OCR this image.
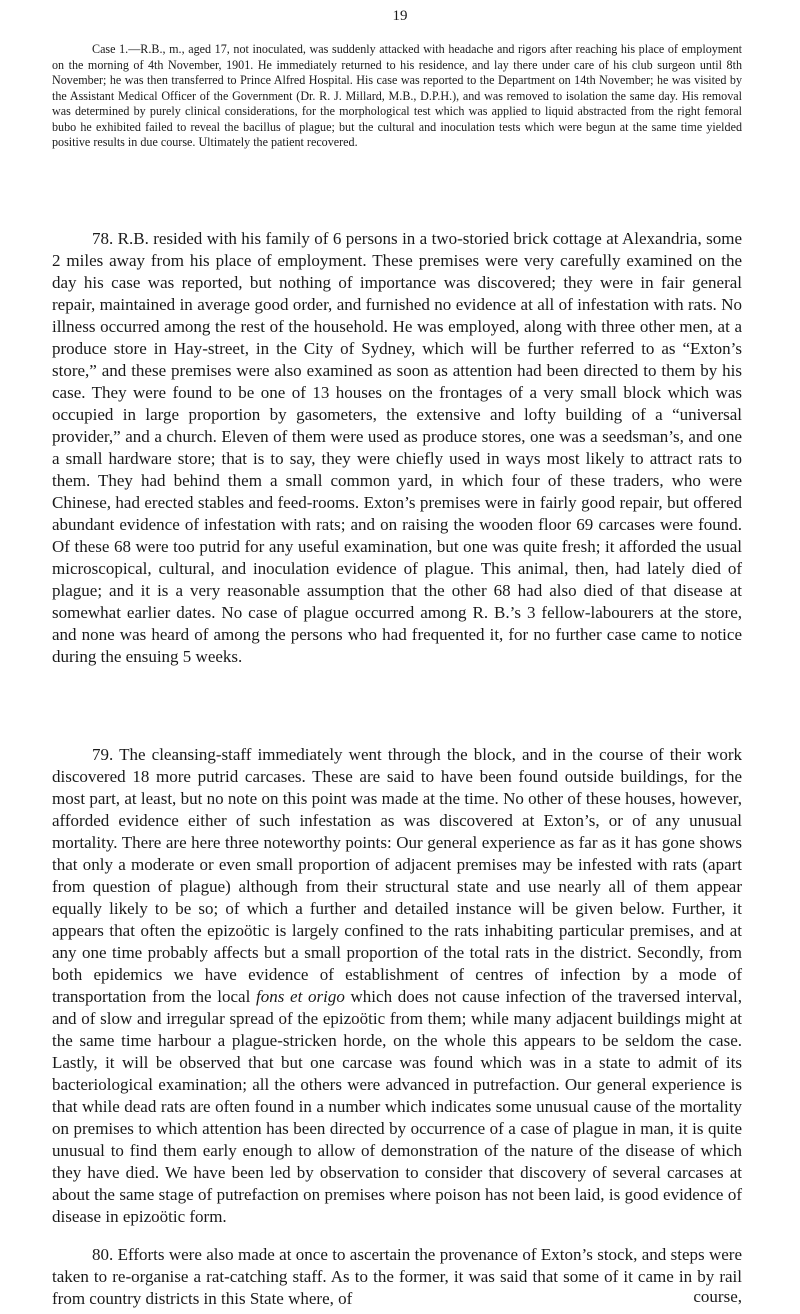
19

Case 1.—R.B., m., aged 17, not inoculated, was suddenly attacked with headache and rigors after reaching his place of employment on the morning of 4th November, 1901. He immediately returned to his residence, and lay there under care of his club surgeon until 8th November; he was then transferred to Prince Alfred Hospital. His case was reported to the Department on 14th November; he was visited by the Assistant Medical Officer of the Government (Dr. R. J. Millard, M.B., D.P.H.), and was removed to isolation the same day. His removal was determined by purely clinical considerations, for the morphological test which was applied to liquid abstracted from the right femoral bubo he exhibited failed to reveal the bacillus of plague; but the cultural and inoculation tests which were begun at the same time yielded positive results in due course. Ultimately the patient recovered.

78. R.B. resided with his family of 6 persons in a two-storied brick cottage at Alexandria, some 2 miles away from his place of employment. These premises were very carefully examined on the day his case was reported, but nothing of importance was discovered; they were in fair general repair, maintained in average good order, and furnished no evidence at all of infestation with rats. No illness occurred among the rest of the household. He was employed, along with three other men, at a produce store in Hay-street, in the City of Sydney, which will be further referred to as “Exton’s store,” and these premises were also examined as soon as attention had been directed to them by his case. They were found to be one of 13 houses on the frontages of a very small block which was occupied in large proportion by gasometers, the extensive and lofty building of a “universal provider,” and a church. Eleven of them were used as produce stores, one was a seedsman’s, and one a small hardware store; that is to say, they were chiefly used in ways most likely to attract rats to them. They had behind them a small common yard, in which four of these traders, who were Chinese, had erected stables and feed-rooms. Exton’s premises were in fairly good repair, but offered abundant evidence of infestation with rats; and on raising the wooden floor 69 carcases were found. Of these 68 were too putrid for any useful examination, but one was quite fresh; it afforded the usual microscopical, cultural, and inoculation evidence of plague. This animal, then, had lately died of plague; and it is a very reasonable assumption that the other 68 had also died of that disease at somewhat earlier dates. No case of plague occurred among R. B.’s 3 fellow-labourers at the store, and none was heard of among the persons who had frequented it, for no further case came to notice during the ensuing 5 weeks.

79. The cleansing-staff immediately went through the block, and in the course of their work discovered 18 more putrid carcases. These are said to have been found outside buildings, for the most part, at least, but no note on this point was made at the time. No other of these houses, however, afforded evidence either of such infestation as was discovered at Exton’s, or of any unusual mortality. There are here three noteworthy points: Our general experience as far as it has gone shows that only a moderate or even small proportion of adjacent premises may be infested with rats (apart from question of plague) although from their structural state and use nearly all of them appear equally likely to be so; of which a further and detailed instance will be given below. Further, it appears that often the epizoötic is largely confined to the rats inhabiting particular premises, and at any one time probably affects but a small proportion of the total rats in the district. Secondly, from both epidemics we have evidence of establishment of centres of infection by a mode of transportation from the local fons et origo which does not cause infection of the traversed interval, and of slow and irregular spread of the epizoötic from them; while many adjacent buildings might at the same time harbour a plague-stricken horde, on the whole this appears to be seldom the case. Lastly, it will be observed that but one carcase was found which was in a state to admit of its bacteriological examination; all the others were advanced in putrefaction. Our general experience is that while dead rats are often found in a number which indicates some unusual cause of the mortality on premises to which attention has been directed by occurrence of a case of plague in man, it is quite unusual to find them early enough to allow of demonstration of the nature of the disease of which they have died. We have been led by observation to consider that discovery of several carcases at about the same stage of putrefaction on premises where poison has not been laid, is good evidence of disease in epizoötic form.

80. Efforts were also made at once to ascertain the provenance of Exton’s stock, and steps were taken to re-organise a rat-catching staff. As to the former, it was said that some of it came in by rail from country districts in this State where, of	course,
